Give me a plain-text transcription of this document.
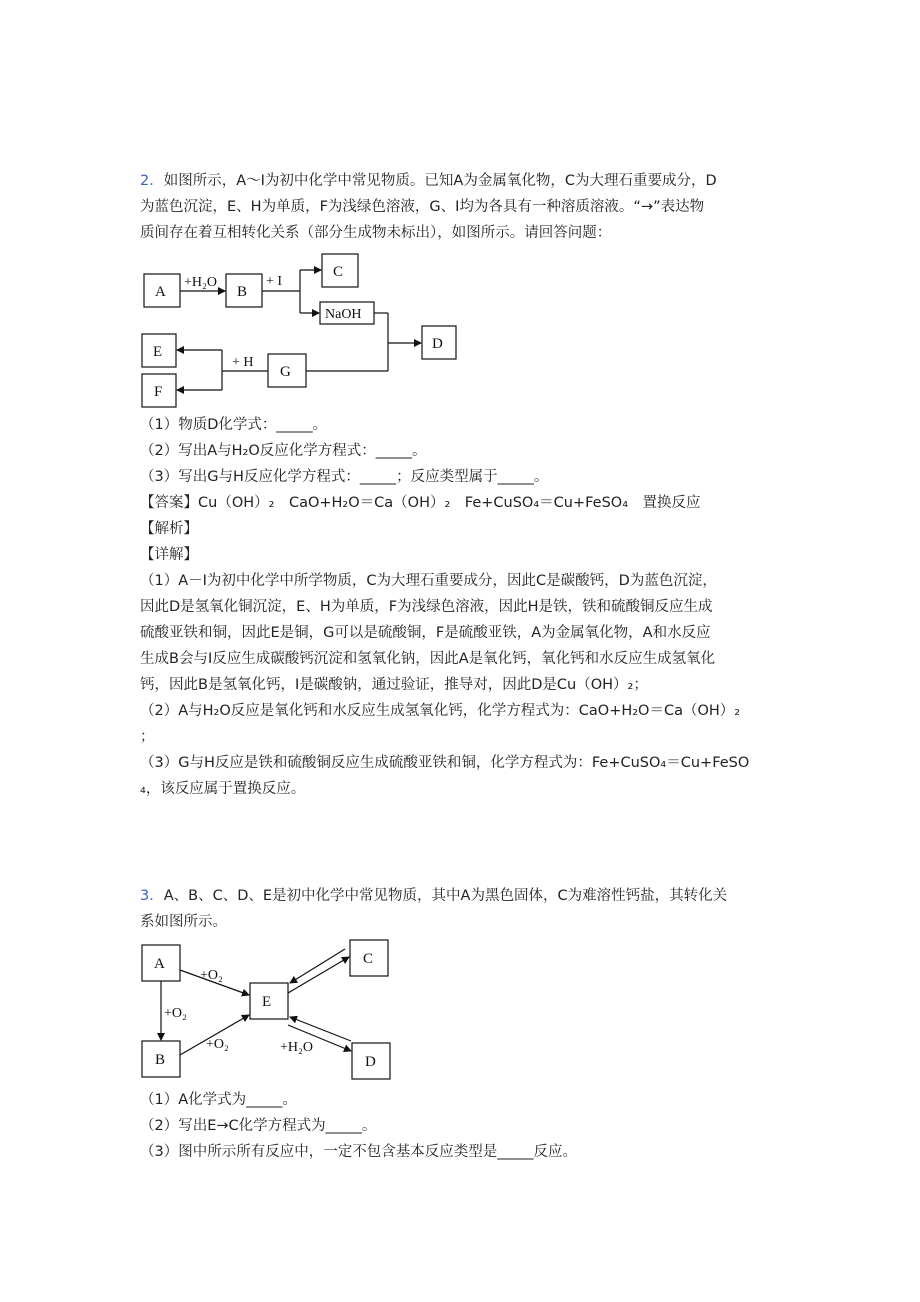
2．如图所示，A～I为初中化学中常见物质。已知A为金属氧化物，C为大理石重要成分，D

为蓝色沉淀，E、H为单质，F为浅绿色溶液，G、I均为各具有一种溶质溶液。“→”表达物

质间存在着互相转化关系（部分生成物未标出），如图所示。请回答问题：

A	B
C
NaOH
D
E
G
F
+H₂O	+ I
+ H

（1）物质D化学式：_____。

（2）写出A与H₂O反应化学方程式：_____。

（3）写出G与H反应化学方程式：_____；反应类型属于_____。

【答案】Cu（OH）₂　CaO+H₂O＝Ca（OH）₂　Fe+CuSO₄＝Cu+FeSO₄　置换反应

【解析】

【详解】

（1）A－I为初中化学中所学物质，C为大理石重要成分，因此C是碳酸钙，D为蓝色沉淀，

因此D是氢氧化铜沉淀，E、H为单质，F为浅绿色溶液，因此H是铁，铁和硫酸铜反应生成

硫酸亚铁和铜，因此E是铜，G可以是硫酸铜，F是硫酸亚铁，A为金属氧化物，A和水反应

生成B会与I反应生成碳酸钙沉淀和氢氧化钠，因此A是氧化钙，氧化钙和水反应生成氢氧化

钙，因此B是氢氧化钙，I是碳酸钠，通过验证，推导对，因此D是Cu（OH）₂；

（2）A与H₂O反应是氧化钙和水反应生成氢氧化钙，化学方程式为：CaO+H₂O＝Ca（OH）₂

；

（3）G与H反应是铁和硫酸铜反应生成硫酸亚铁和铜，化学方程式为：Fe+CuSO₄＝Cu+FeSO

₄，该反应属于置换反应。

3．A、B、C、D、E是初中化学中常见物质，其中A为黑色固体，C为难溶性钙盐，其转化关

系如图所示。

A
B
E
C
D
+O₂
+O₂
+O₂	+H₂O

（1）A化学式为_____。

（2）写出E→C化学方程式为_____。

（3）图中所示所有反应中，一定不包含基本反应类型是_____反应。
